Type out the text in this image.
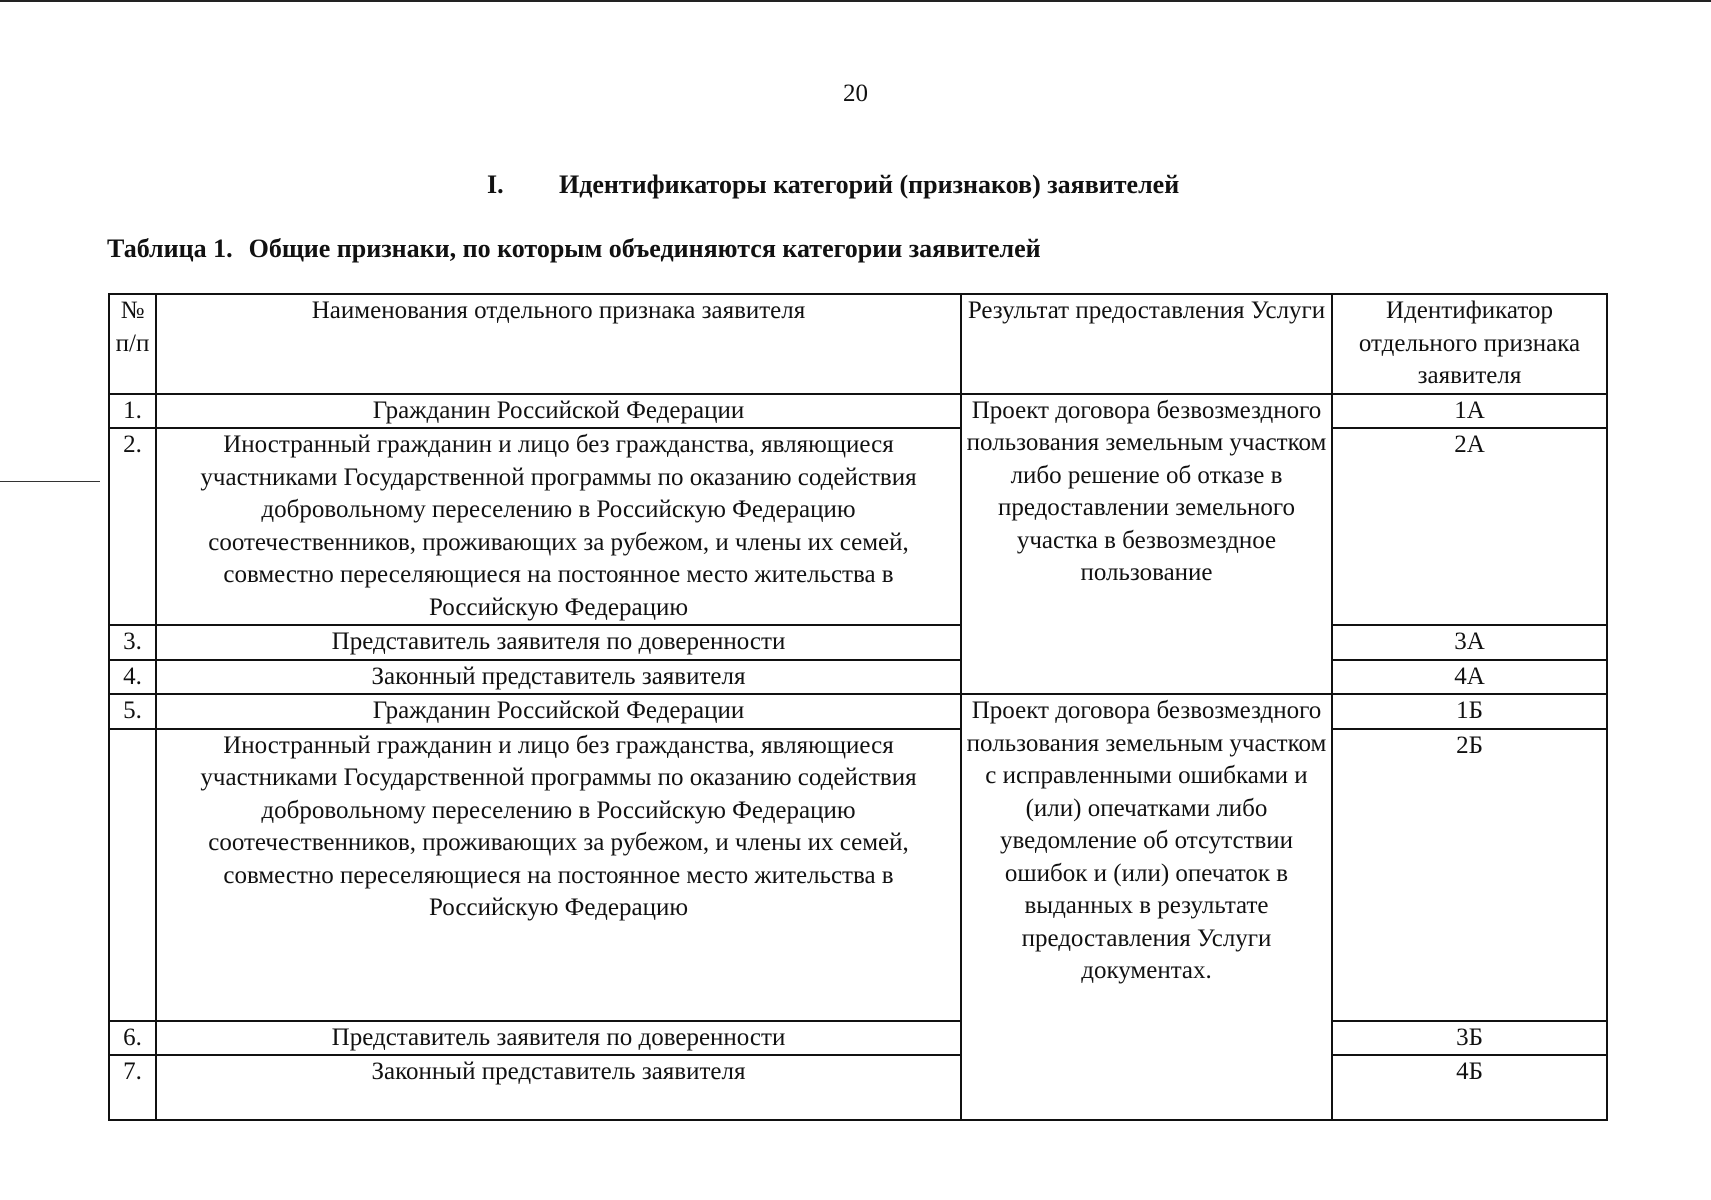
20
I. Идентификаторы категорий (признаков) заявителей
Таблица 1. Общие признаки, по которым объединяются категории заявителей
№ п/п	Наименования отдельного признака заявителя	Результат предоставления Услуги	Идентификатор отдельного признака заявителя
1.	Гражданин Российской Федерации	Проект договора безвозмездного пользования земельным участком либо решение об отказе в предоставлении земельного участка в безвозмездное пользование	1А
2.	Иностранный гражданин и лицо без гражданства, являющиеся участниками Государственной программы по оказанию содействия добровольному переселению в Российскую Федерацию соотечественников, проживающих за рубежом, и члены их семей, совместно переселяющиеся на постоянное место жительства в Российскую Федерацию		2А
3.	Представитель заявителя по доверенности		3А
4.	Законный представитель заявителя		4А
5.	Гражданин Российской Федерации	Проект договора безвозмездного пользования земельным участком с исправленными ошибками и (или) опечатками либо уведомление об отсутствии ошибок и (или) опечаток в выданных в результате предоставления Услуги документах.	1Б
	Иностранный гражданин и лицо без гражданства, являющиеся участниками Государственной программы по оказанию содействия добровольному переселению в Российскую Федерацию соотечественников, проживающих за рубежом, и члены их семей, совместно переселяющиеся на постоянное место жительства в Российскую Федерацию		2Б
6.	Представитель заявителя по доверенности		3Б
7.	Законный представитель заявителя		4Б
